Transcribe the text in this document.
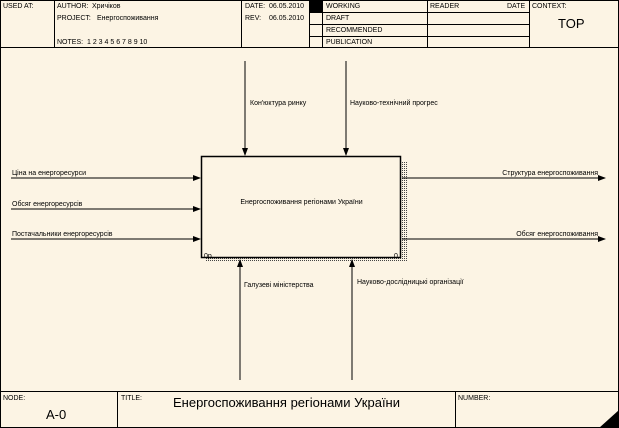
USED AT:	AUTHOR: Хричіков
PROJECT: Енергоспоживання
DATE: 06.05.2010
REV: 06.05.2010
NOTES: 1 2 3 4 5 6 7 8 9 10
WORKING
DRAFT
RECOMMENDED
PUBLICATION
READER	DATE CONTEXT:
TOP
Енергоспоживання регіонами України
0р.	0
Кон'юктура ринку	Науково-технічний прогрес
Ціна на енергоресурси
Обсяг енергоресурсів
Постачальники енергоресурсів
Структура енергоспоживання
Обсяг енергоспоживання
Галузеві міністерства	Науково-дослідницькі організації
NODE:
A-0
TITLE:	Енергоспоживання регіонами України	NUMBER:
